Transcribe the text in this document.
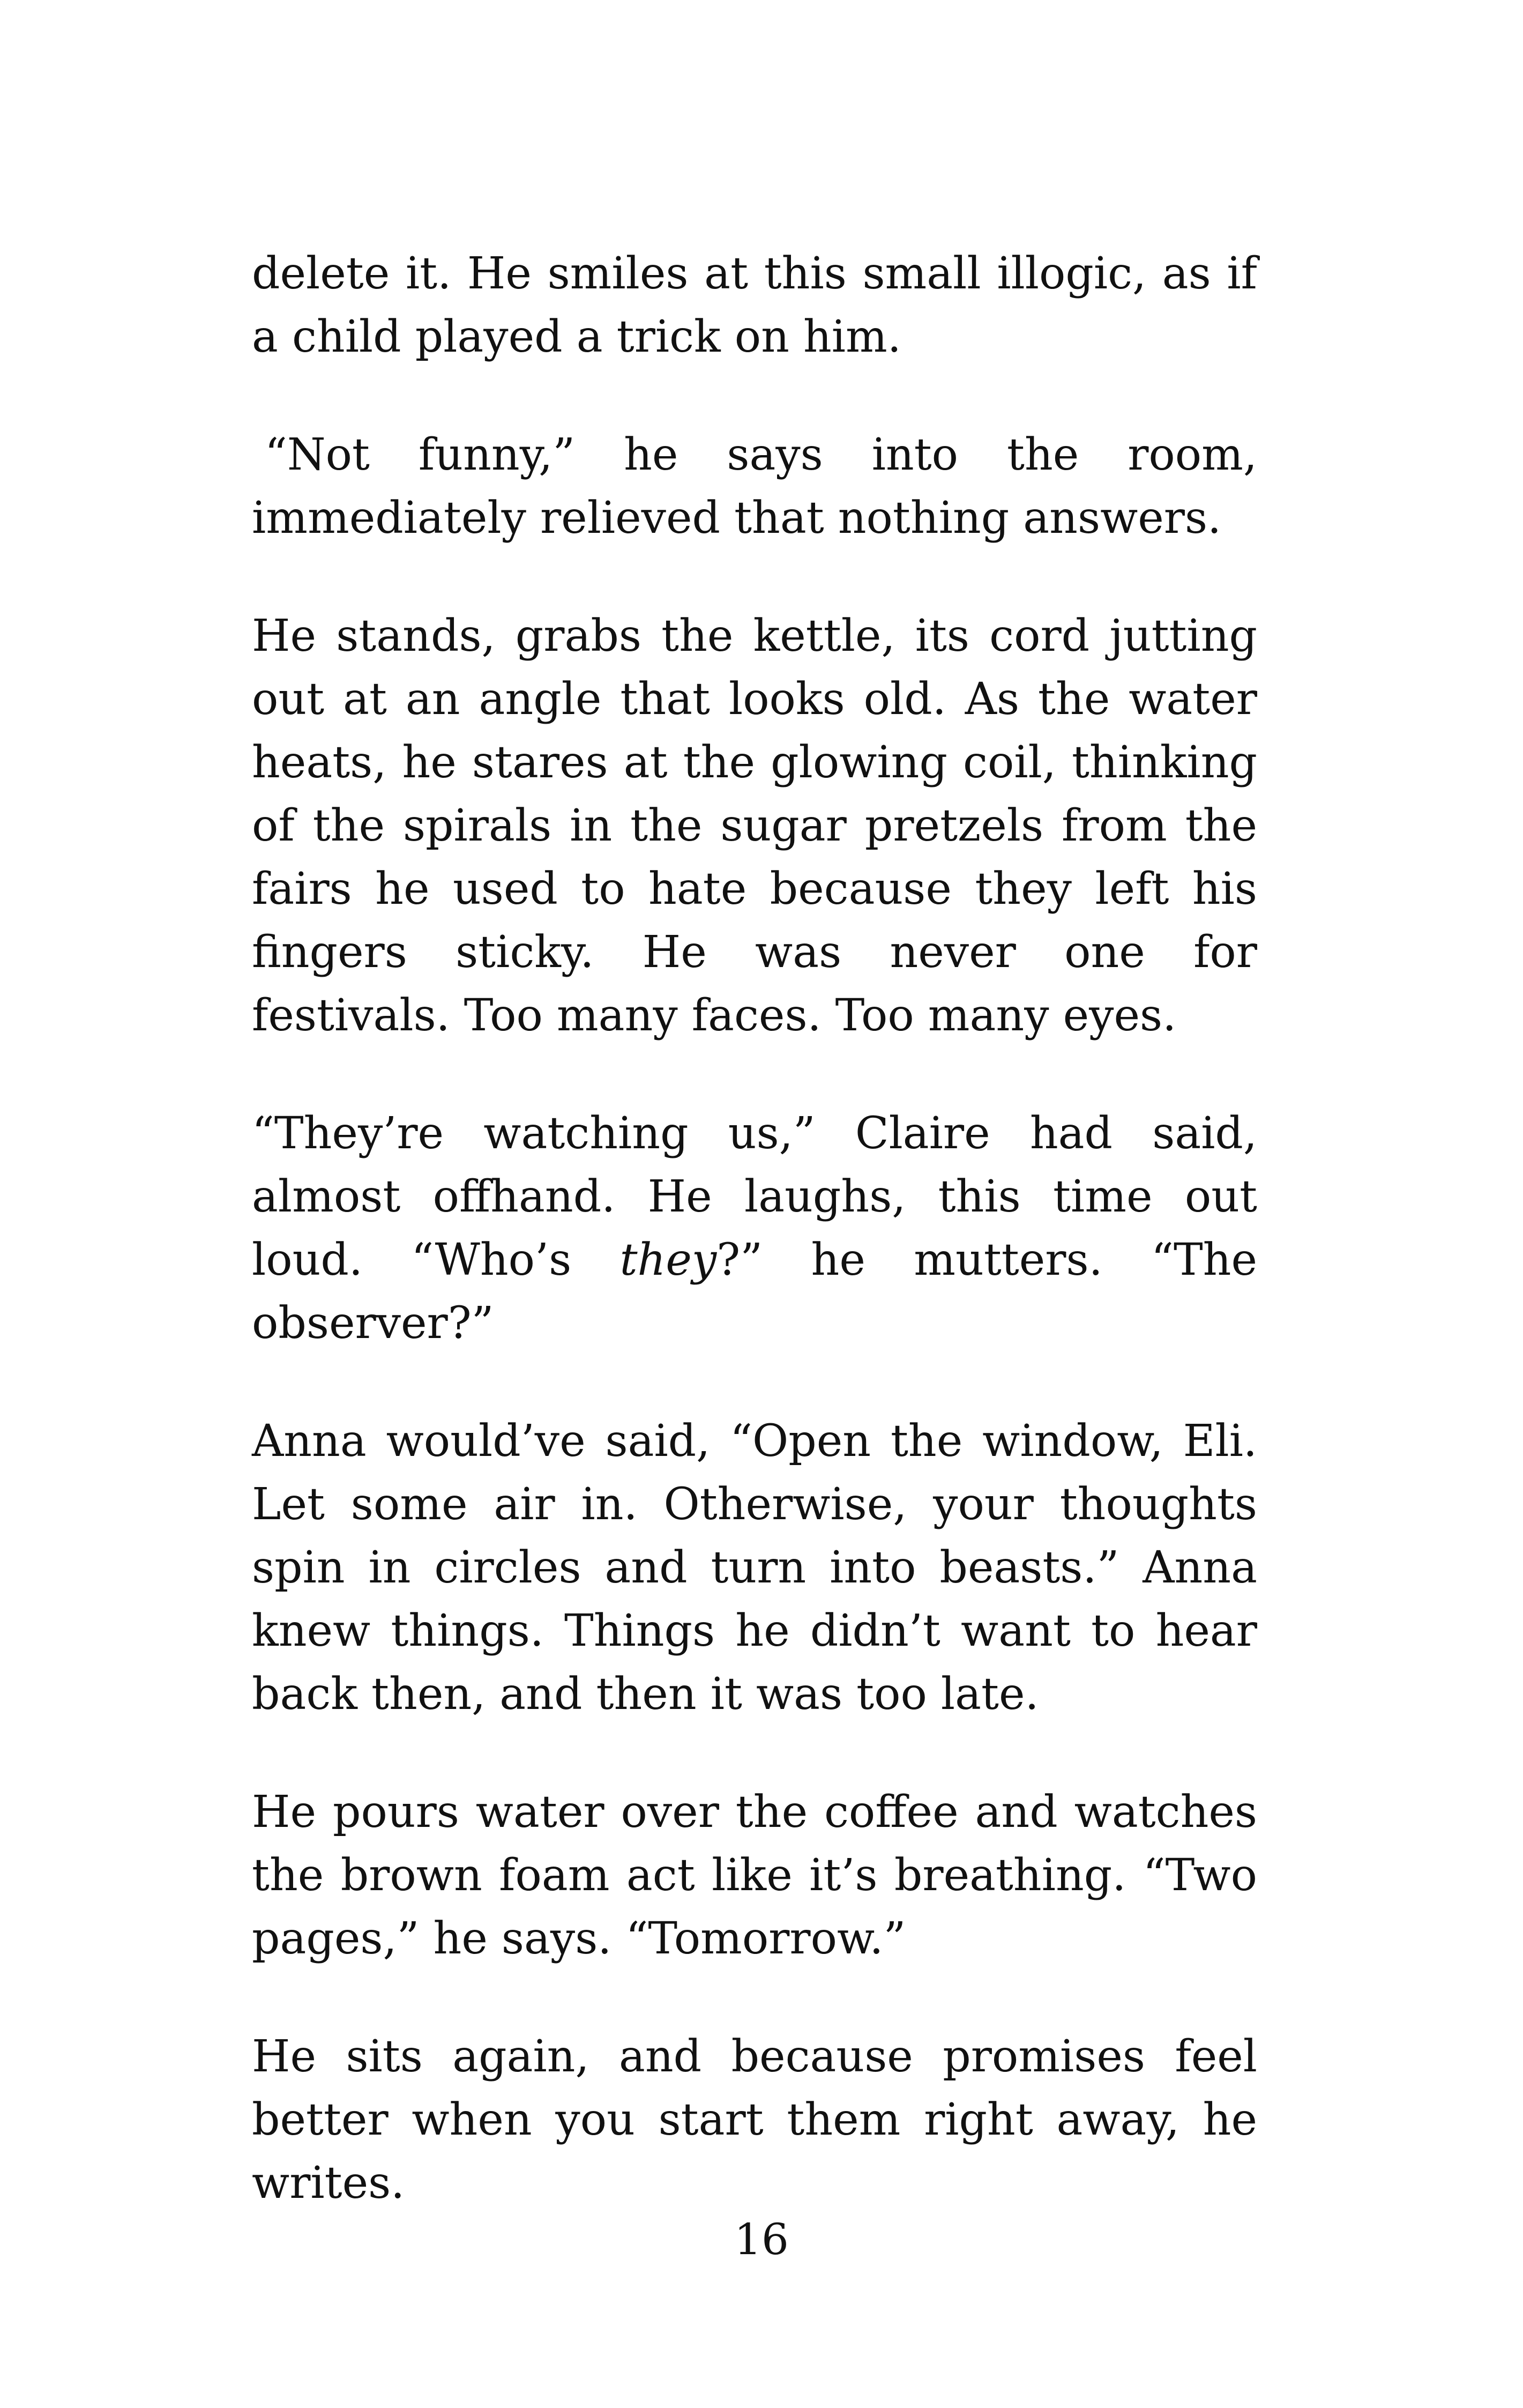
delete it. He smiles at this small illogic, as if a child played a trick on him.

“Not funny,” he says into the room, immediately relieved that nothing answers.

He stands, grabs the kettle, its cord jutting out at an angle that looks old. As the water heats, he stares at the glowing coil, thinking of the spirals in the sugar pretzels from the fairs he used to hate because they left his fingers sticky. He was never one for festivals. Too many faces. Too many eyes.

“They’re watching us,” Claire had said, almost offhand. He laughs, this time out loud. “Who’s they?” he mutters. “The observer?”

Anna would’ve said, “Open the window, Eli. Let some air in. Otherwise, your thoughts spin in circles and turn into beasts.” Anna knew things. Things he didn’t want to hear back then, and then it was too late.

He pours water over the coffee and watches the brown foam act like it’s breathing. “Two pages,” he says. “Tomorrow.”

He sits again, and because promises feel better when you start them right away, he writes.

16
